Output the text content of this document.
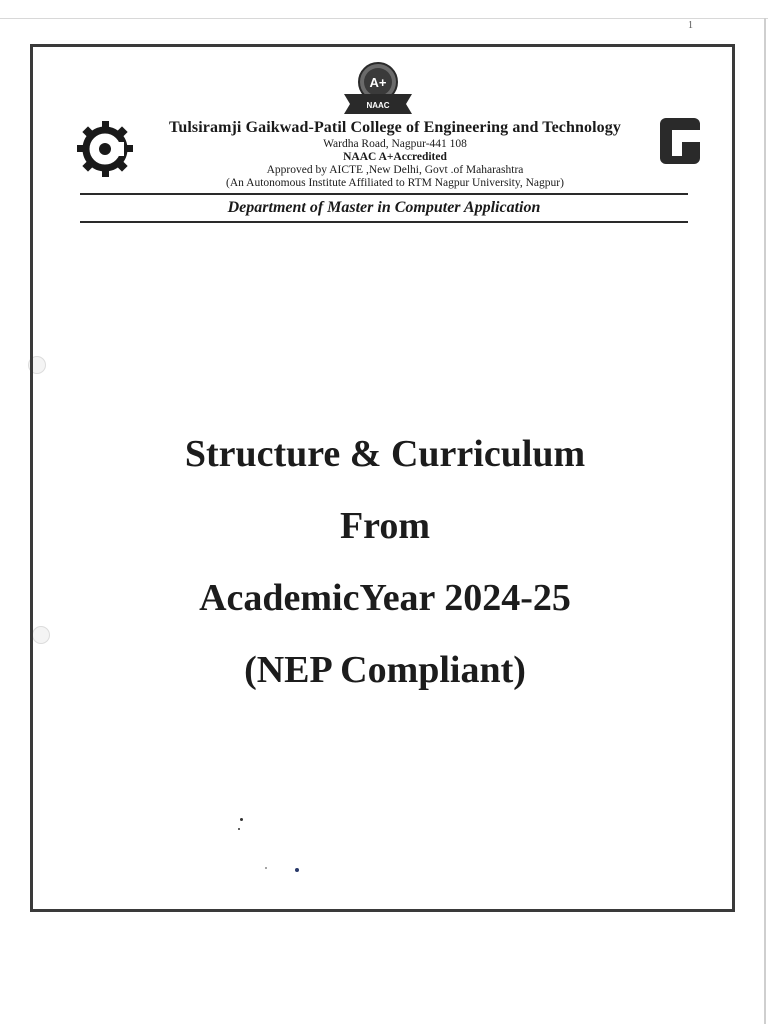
1
A+
NAAC
Tulsiramji Gaikwad-Patil College of Engineering and Technology
Wardha Road, Nagpur-441 108
NAAC A+Accredited
Approved by AICTE ,New Delhi, Govt .of Maharashtra
(An Autonomous Institute Affiliated to RTM Nagpur University, Nagpur)
Department of Master in Computer Application
Structure & Curriculum
From
AcademicYear 2024-25
(NEP Compliant)
